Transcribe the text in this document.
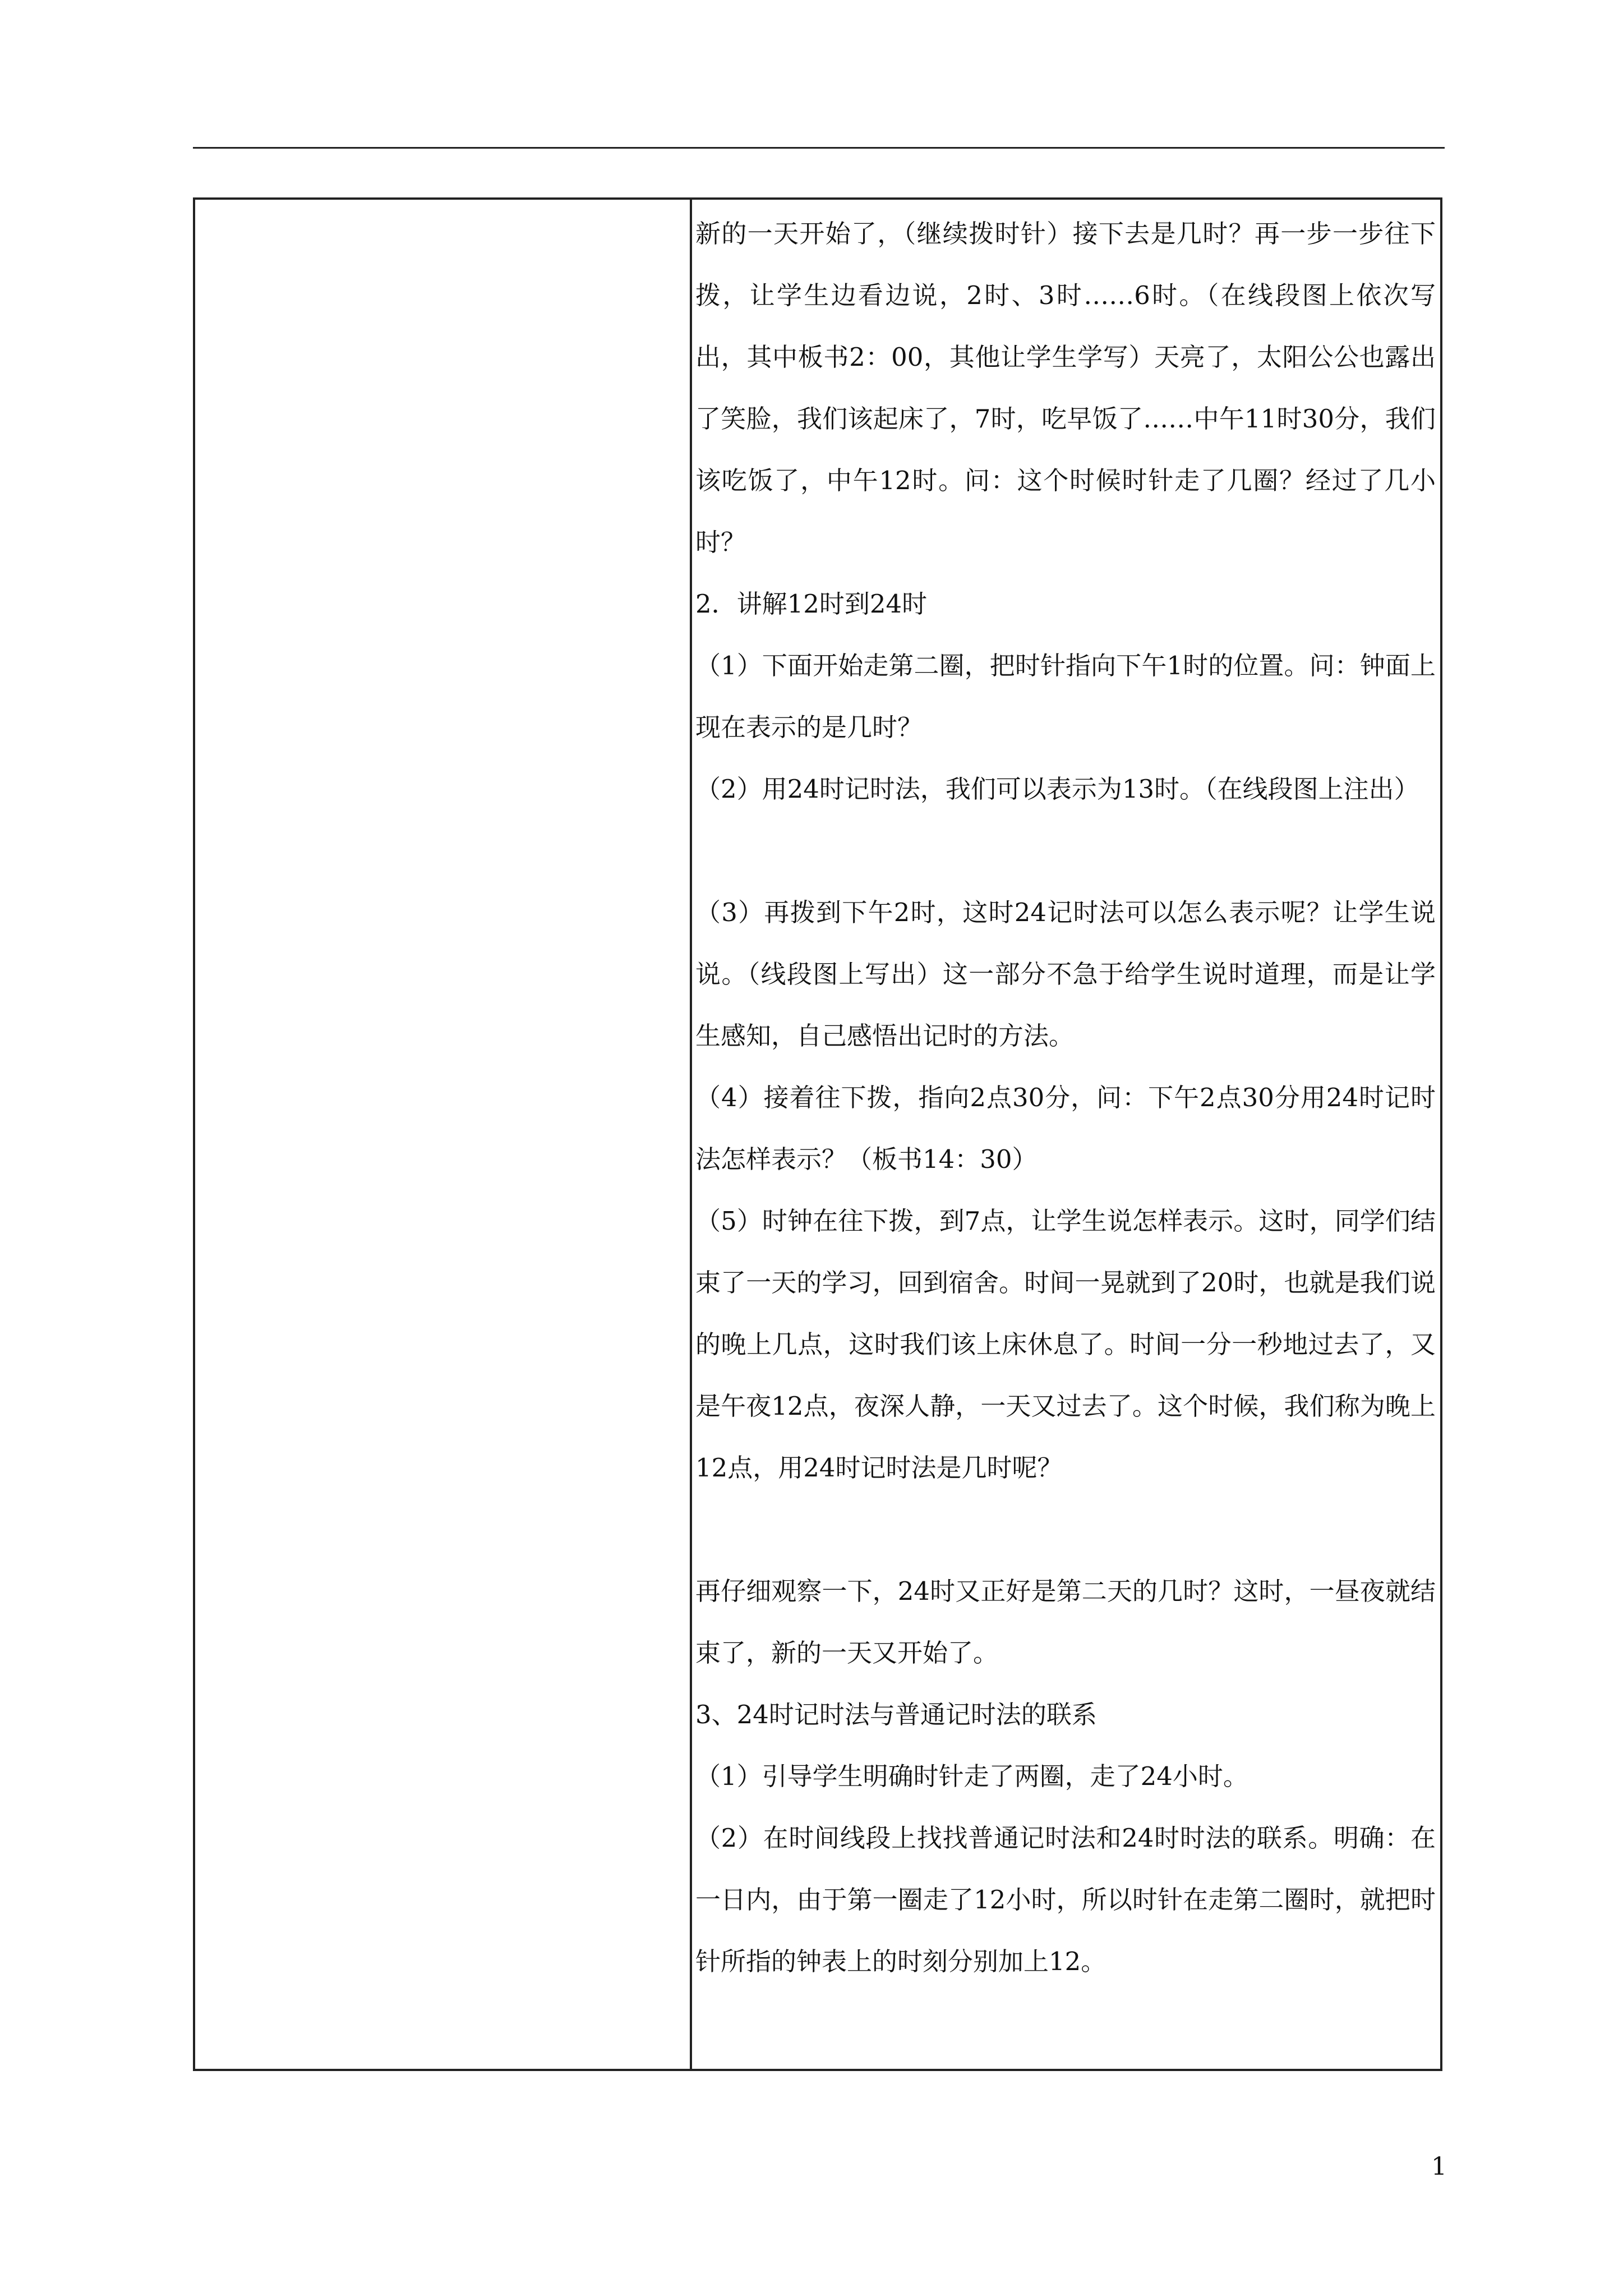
新的一天开始了，（继续拨时针）接下去是几时？再一步一步往下拨，让学生边看边说，2时、3时……6时。（在线段图上依次写出，其中板书2：00，其他让学生学写）天亮了，太阳公公也露出了笑脸，我们该起床了，7时，吃早饭了……中午11时30分，我们该吃饭了，中午12时。问：这个时候时针走了几圈？经过了几小时？

2．讲解12时到24时

（1）下面开始走第二圈，把时针指向下午1时的位置。问：钟面上现在表示的是几时？

（2）用24时记时法，我们可以表示为13时。（在线段图上注出）

（3）再拨到下午2时，这时24记时法可以怎么表示呢？让学生说说。（线段图上写出）这一部分不急于给学生说时道理，而是让学生感知，自己感悟出记时的方法。

（4）接着往下拨，指向2点30分，问：下午2点30分用24时记时法怎样表示？（板书14：30）

（5）时钟在往下拨，到7点，让学生说怎样表示。这时，同学们结束了一天的学习，回到宿舍。时间一晃就到了20时，也就是我们说的晚上几点，这时我们该上床休息了。时间一分一秒地过去了，又是午夜12点，夜深人静，一天又过去了。这个时候，我们称为晚上12点，用24时记时法是几时呢？

再仔细观察一下，24时又正好是第二天的几时？这时，一昼夜就结束了，新的一天又开始了。

3、24时记时法与普通记时法的联系

（1）引导学生明确时针走了两圈，走了24小时。

（2）在时间线段上找找普通记时法和24时时法的联系。明确：在一日内，由于第一圈走了12小时，所以时针在走第二圈时，就把时针所指的钟表上的时刻分别加上12。

1
